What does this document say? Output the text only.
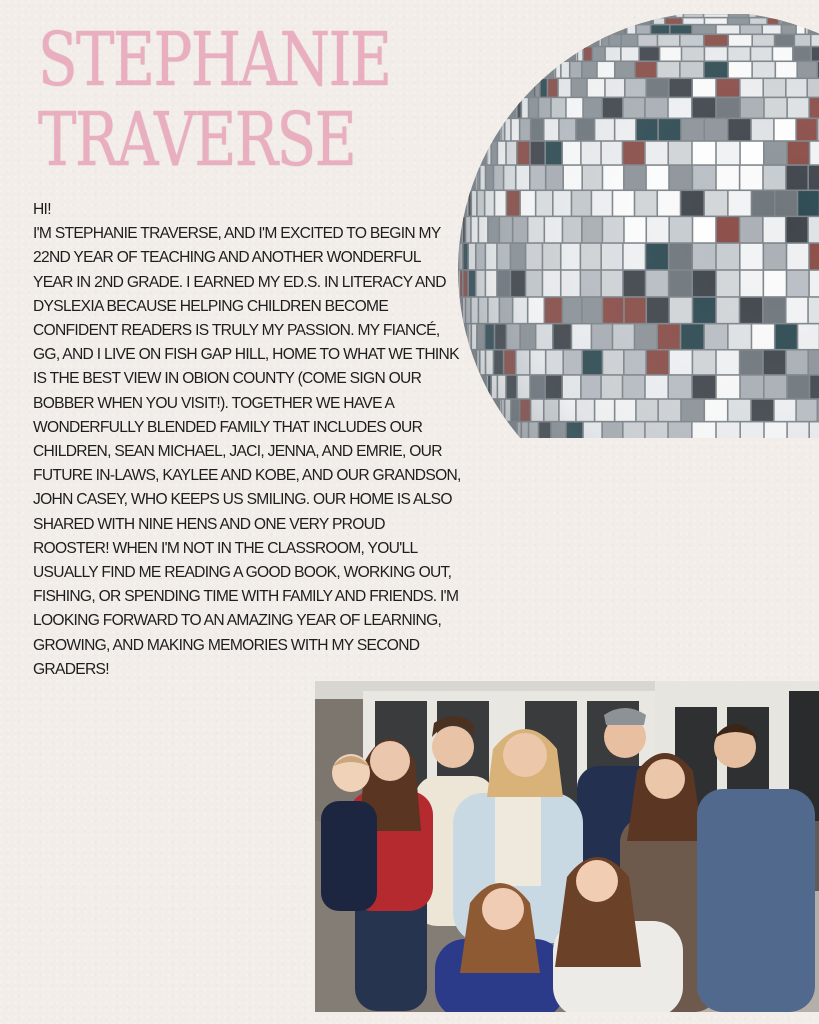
STEPHANIE
TRAVERSE
HI!
I'M STEPHANIE TRAVERSE, AND I'M EXCITED TO BEGIN MY 22ND YEAR OF TEACHING AND ANOTHER WONDERFUL YEAR IN 2ND GRADE. I EARNED MY ED.S. IN LITERACY AND DYSLEXIA BECAUSE HELPING CHILDREN BECOME CONFIDENT READERS IS TRULY MY PASSION. MY FIANCÉ, GG, AND I LIVE ON FISH GAP HILL, HOME TO WHAT WE THINK IS THE BEST VIEW IN OBION COUNTY (COME SIGN OUR BOBBER WHEN YOU VISIT!). TOGETHER WE HAVE A WONDERFULLY BLENDED FAMILY THAT INCLUDES OUR CHILDREN, SEAN MICHAEL, JACI, JENNA, AND EMRIE, OUR FUTURE IN-LAWS, KAYLEE AND KOBE, AND OUR GRANDSON, JOHN CASEY, WHO KEEPS US SMILING. OUR HOME IS ALSO SHARED WITH NINE HENS AND ONE VERY PROUD ROOSTER! WHEN I'M NOT IN THE CLASSROOM, YOU'LL USUALLY FIND ME READING A GOOD BOOK, WORKING OUT, FISHING, OR SPENDING TIME WITH FAMILY AND FRIENDS. I'M LOOKING FORWARD TO AN AMAZING YEAR OF LEARNING, GROWING, AND MAKING MEMORIES WITH MY SECOND GRADERS!
